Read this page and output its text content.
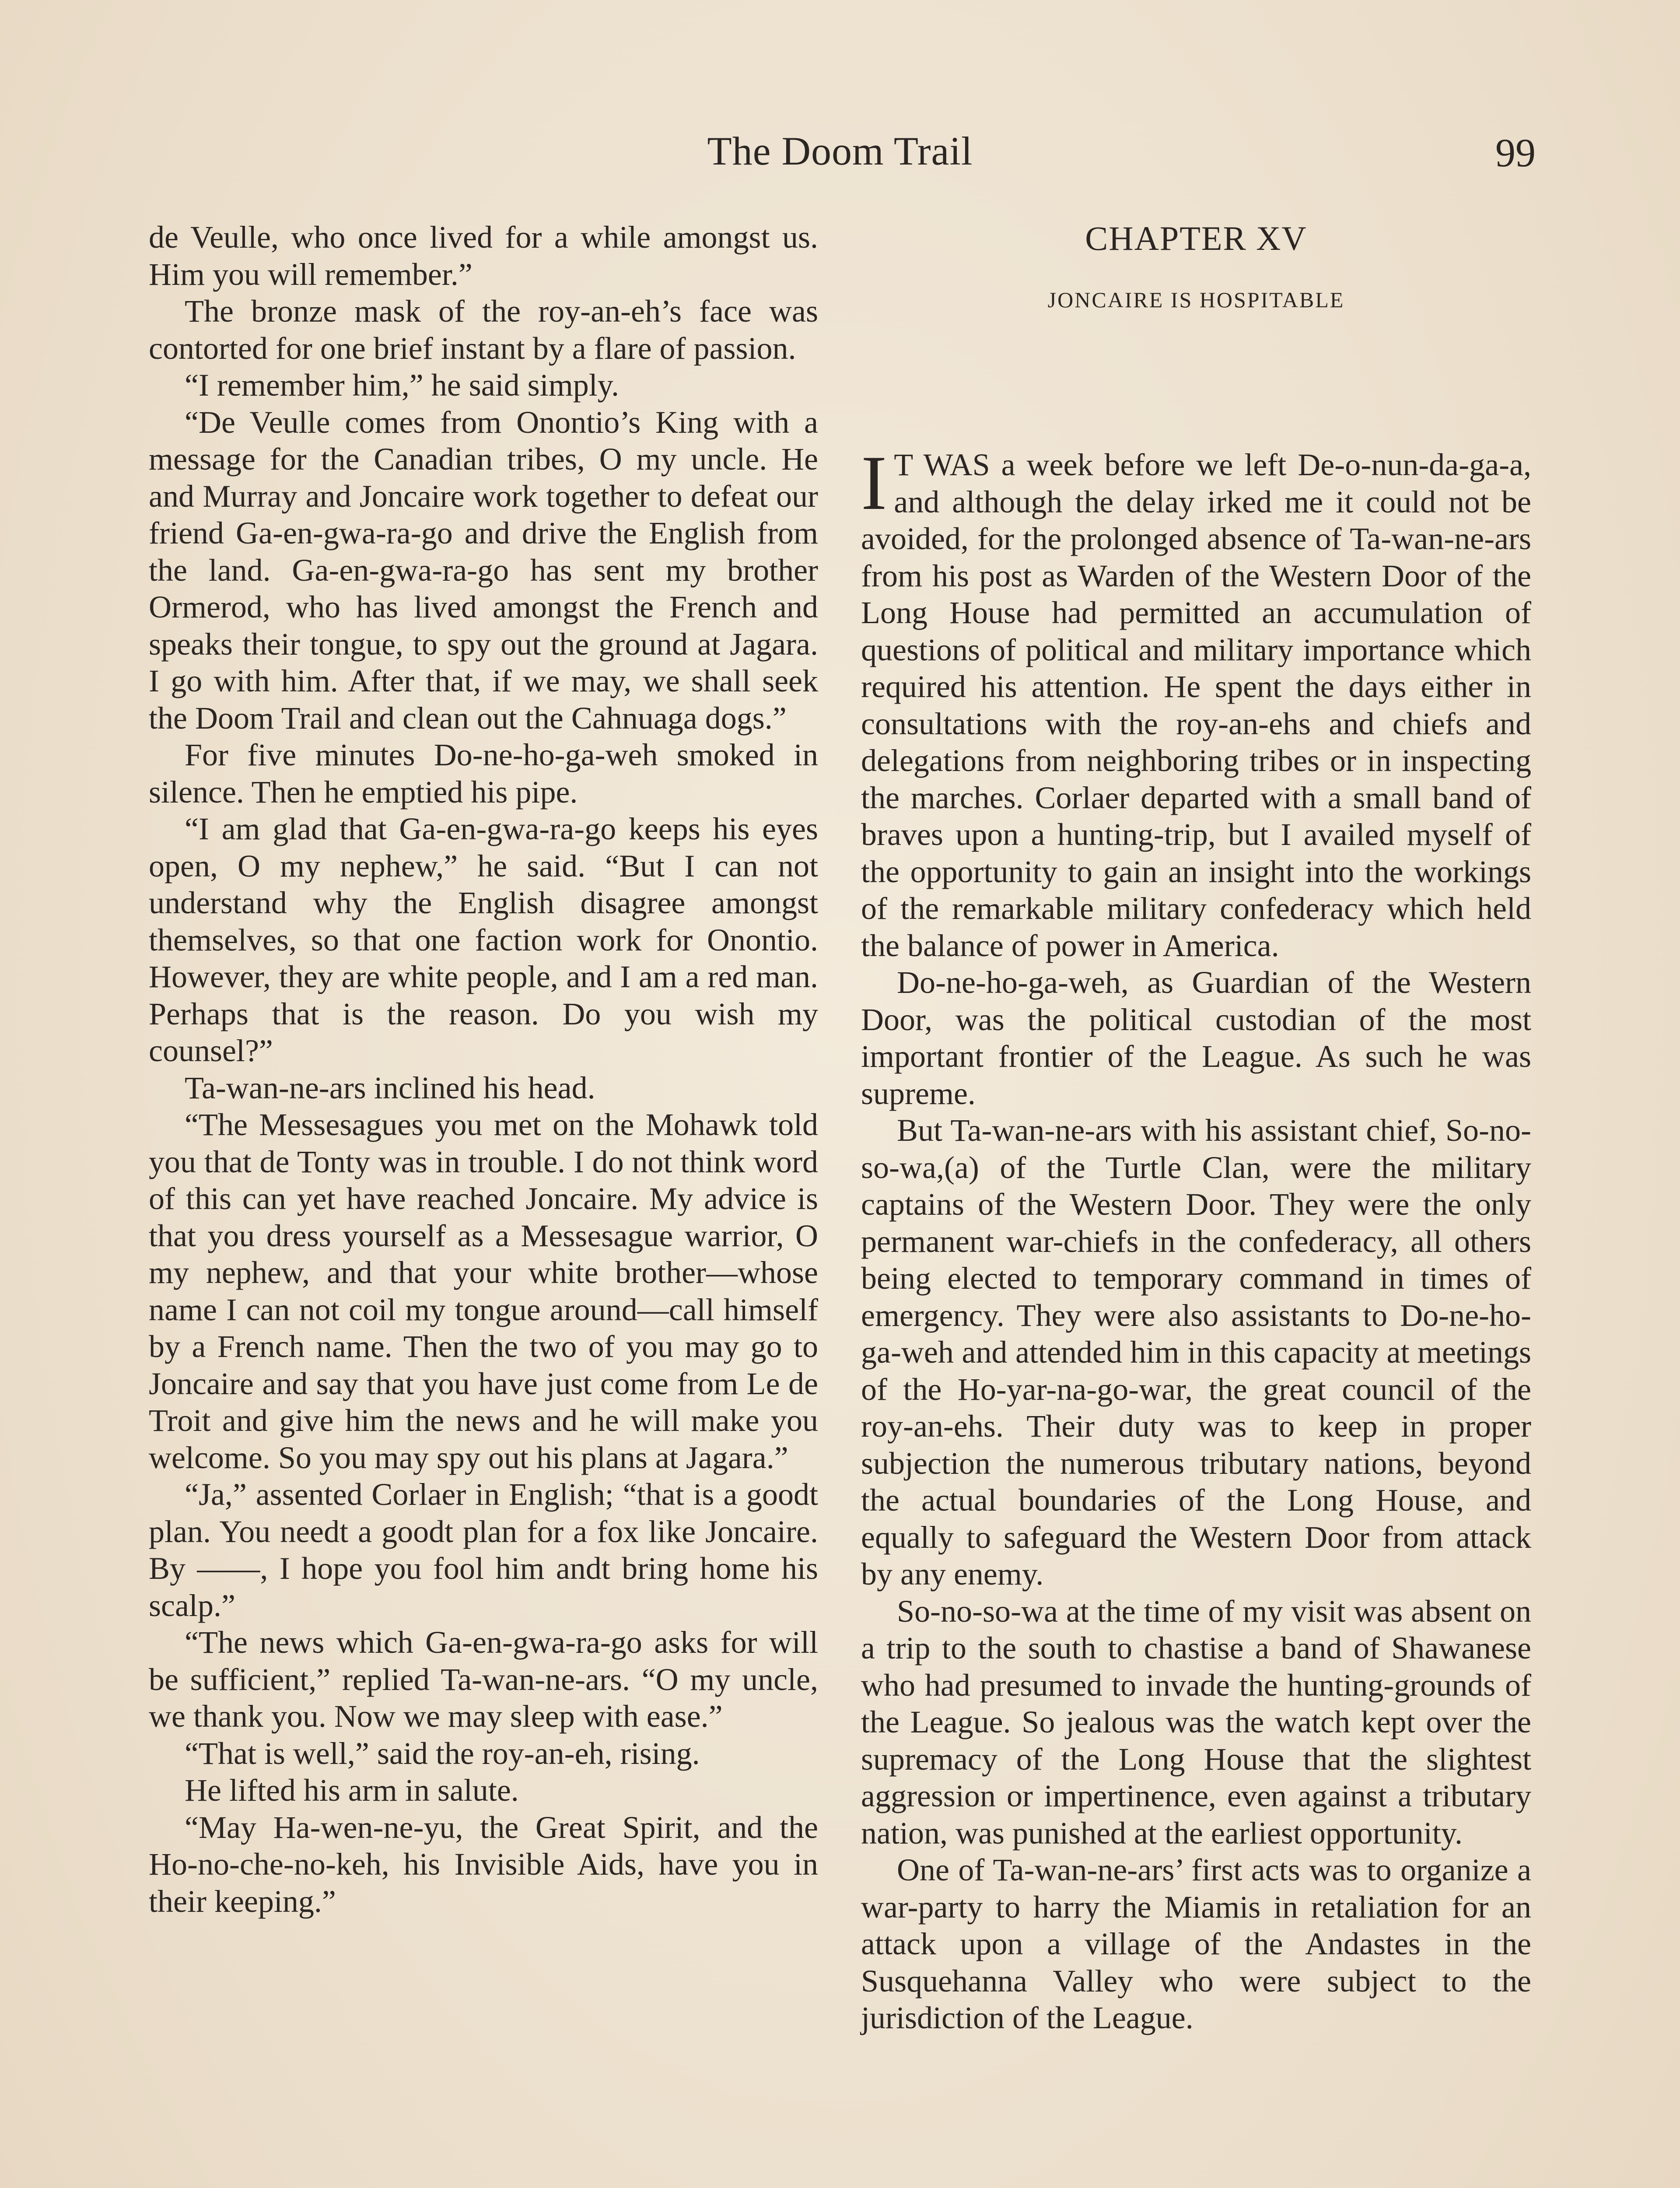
The Doom Trail	99

de Veulle, who once lived for a while amongst us. Him you will remember.”

The bronze mask of the roy-an-eh’s face was contorted for one brief instant by a flare of passion.

“I remember him,” he said simply.

“De Veulle comes from Onontio’s King with a message for the Canadian tribes, O my uncle. He and Murray and Joncaire work together to defeat our friend Ga-en-gwa-ra-go and drive the English from the land. Ga-en-gwa-ra-go has sent my brother Ormerod, who has lived amongst the French and speaks their tongue, to spy out the ground at Jagara. I go with him. After that, if we may, we shall seek the Doom Trail and clean out the Cahnuaga dogs.”

For five minutes Do-ne-ho-ga-weh smoked in silence. Then he emptied his pipe.

“I am glad that Ga-en-gwa-ra-go keeps his eyes open, O my nephew,” he said. “But I can not understand why the English disagree amongst themselves, so that one faction work for Onontio. However, they are white people, and I am a red man. Perhaps that is the reason. Do you wish my counsel?”

Ta-wan-ne-ars inclined his head.

“The Messesagues you met on the Mohawk told you that de Tonty was in trouble. I do not think word of this can yet have reached Joncaire. My advice is that you dress yourself as a Messesague warrior, O my nephew, and that your white brother—whose name I can not coil my tongue around—call himself by a French name. Then the two of you may go to Joncaire and say that you have just come from Le de Troit and give him the news and he will make you welcome. So you may spy out his plans at Jagara.”

“Ja,” assented Corlaer in English; “that is a goodt plan. You needt a goodt plan for a fox like Joncaire. By ——, I hope you fool him andt bring home his scalp.”

“The news which Ga-en-gwa-ra-go asks for will be sufficient,” replied Ta-wan-ne-ars. “O my uncle, we thank you. Now we may sleep with ease.”

“That is well,” said the roy-an-eh, rising.

He lifted his arm in salute.

“May Ha-wen-ne-yu, the Great Spirit, and the Ho-no-che-no-keh, his Invisible Aids, have you in their keeping.”

CHAPTER XV
JONCAIRE IS HOSPITABLE

I T WAS a week before we left De-o-nun-da-ga-a, and although the delay irked me it could not be avoided, for the prolonged absence of Ta-wan-ne-ars from his post as Warden of the Western Door of the Long House had permitted an accumulation of questions of political and military importance which required his attention. He spent the days either in consultations with the roy-an-ehs and chiefs and delegations from neighboring tribes or in inspecting the marches. Corlaer departed with a small band of braves upon a hunting-trip, but I availed myself of the opportunity to gain an insight into the workings of the remarkable military confederacy which held the balance of power in America.

Do-ne-ho-ga-weh, as Guardian of the Western Door, was the political custodian of the most important frontier of the League. As such he was supreme.

But Ta-wan-ne-ars with his assistant chief, So-no-so-wa,(a) of the Turtle Clan, were the military captains of the Western Door. They were the only permanent war-chiefs in the confederacy, all others being elected to temporary command in times of emergency. They were also assistants to Do-ne-ho-ga-weh and attended him in this capacity at meetings of the Ho-yar-na-go-war, the great council of the roy-an-ehs. Their duty was to keep in proper subjection the numerous tributary nations, beyond the actual boundaries of the Long House, and equally to safeguard the Western Door from attack by any enemy.

So-no-so-wa at the time of my visit was absent on a trip to the south to chastise a band of Shawanese who had presumed to invade the hunting-grounds of the League. So jealous was the watch kept over the supremacy of the Long House that the slightest aggression or impertinence, even against a tributary nation, was punished at the earliest opportunity.

One of Ta-wan-ne-ars’ first acts was to organize a war-party to harry the Miamis in retaliation for an attack upon a village of the Andastes in the Susquehanna Valley who were subject to the jurisdiction of the League.
